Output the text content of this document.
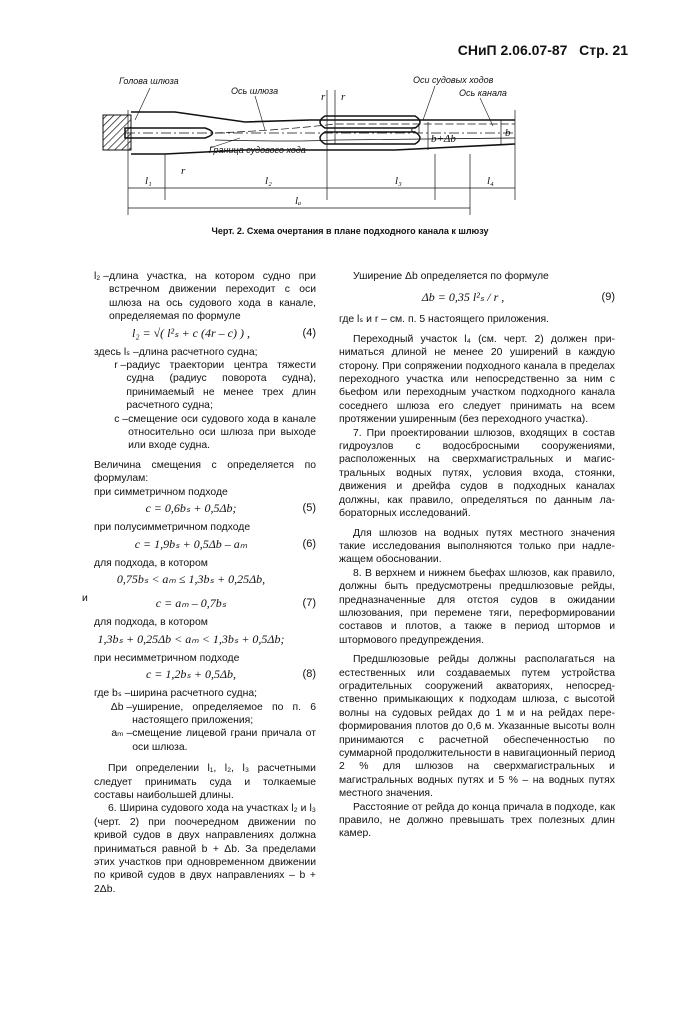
СНиП 2.06.07-87 Стр. 21
Голова шлюза
Ось шлюза
Оси судовых ходов
Ось канала
Граница судового хода
l₁
r
r r
l₂	l₃	l₄
lₐ
c
b+Δb	b
Черт. 2. Схема очертания в плане подходного канала к шлюзу
l₂ – длина участка, на котором судно при встречном движении переходит с оси шлюза на ось судового хода в канале, определяемая по формуле
l₂ = √( l²ₛ + c (4r – c) ) ,	(4)
здесь lₛ – длина расчетного судна;
r – радиус траектории центра тяжести судна (радиус поворота судна), принимаемый не менее трех длин расчетного судна;
c – смещение оси судового хода в канале относительно оси шлюза при выходе или входе судна.

Величина смещения c определяется по формулам:

при симметричном подходе

c = 0,6bₛ + 0,5Δb;	(5)

при полусимметричном подходе

c = 1,9bₛ + 0,5Δb – aₘ	(6)

для подхода, в котором

0,75bₛ < aₘ ≤ 1,3bₛ + 0,25Δb,

и	c = aₘ – 0,7bₛ	(7)

для подхода, в котором

1,3bₛ + 0,25Δb < aₘ < 1,3bₛ + 0,5Δb;

при несимметричном подходе

c = 1,2bₛ + 0,5Δb,	(8)
где bₛ – ширина расчетного судна;
Δb – уширение, определяемое по п. 6 настоящего приложения;
aₘ – смещение лицевой грани причала от оси шлюза.

При определении l₁, l₂, l₃ расчетными следует принимать суда и толкаемые составы наибольшей длины.

6. Ширина судового хода на участках l₂ и l₃ (черт. 2) при поочередном движении по кривой судов в двух направлениях должна приниматься равной b + Δb. За пределами этих участков при одновременном движении по кривой судов в двух направлениях – b + 2Δb.

Уширение Δb определяется по формуле

Δb = 0,35 l²ₛ / r ,	(9)

где lₛ и r – см. п. 5 настоящего приложения.

Переходный участок l₄ (см. черт. 2) должен приниматься длиной не менее 20 уширений в каждую сторону. При сопряжении подходного канала в пределах переходного участка или непосредственно за ним с бьефом или переходным участком подходного канала соседнего шлюза его следует принимать на всем протяжении уширенным (без переходного участка).

7. При проектировании шлюзов, входящих в состав гидроузлов с водосбросными сооружениями, расположенных на сверхмагистральных и магистральных водных путях, условия входа, стоянки, движения и дрейфа судов в подходных каналах должны, как правило, определяться по данным лабораторных исследований.

Для шлюзов на водных путях местного значения такие исследования выполняются только при надлежащем обосновании.

8. В верхнем и нижнем бьефах шлюзов, как правило, должны быть предусмотрены предшлюзовые рейды, предназначенные для отстоя судов в ожидании шлюзования, при перемене тяги, переформировании составов и плотов, а также в период штормов и штормового предупреждения.

Предшлюзовые рейды должны располагаться на естественных или создаваемых путем устройства оградительных сооружений акваториях, непосредственно примыкающих к подходам шлюза, с высотой волны на судовых рейдах до 1 м и на рейдах переформирования плотов до 0,6 м. Указанные высоты волн принимаются с расчетной обеспеченностью по суммарной продолжительности в навигационный период 2 % для шлюзов на сверхмагистральных и магистральных водных путях и 5 % – на водных путях местного значения.

Расстояние от рейда до конца причала в подходе, как правило, не должно превышать трех полезных длин камер.
